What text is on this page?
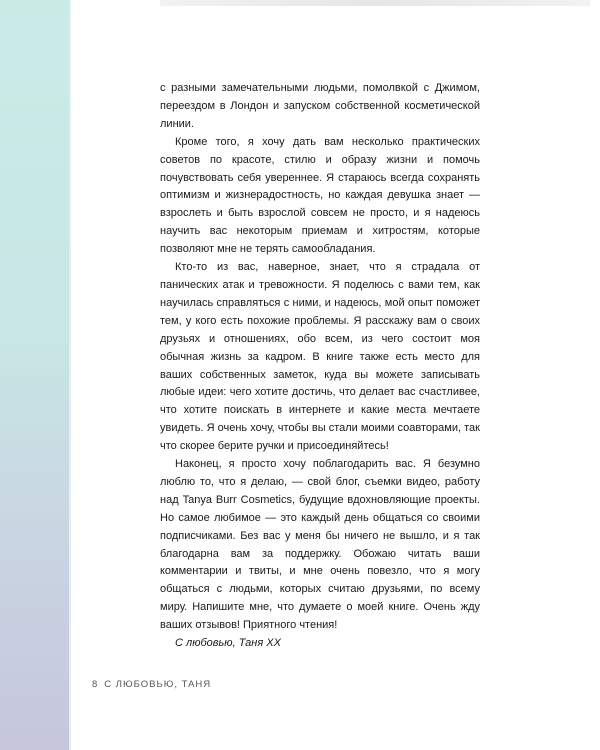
с разными замечательными людьми, помолвкой с Джимом, переездом в Лондон и запуском собственной косметической линии.

Кроме того, я хочу дать вам несколько практических советов по красоте, стилю и образу жизни и помочь почувствовать себя увереннее. Я стараюсь всегда сохранять оптимизм и жизнерадостность, но каждая девушка знает — взрослеть и быть взрослой совсем не просто, и я надеюсь научить вас некоторым приемам и хитростям, которые позволяют мне не терять самообладания.

Кто-то из вас, наверное, знает, что я страдала от панических атак и тревожности. Я поделюсь с вами тем, как научилась справляться с ними, и надеюсь, мой опыт поможет тем, у кого есть похожие проблемы. Я расскажу вам о своих друзьях и отношениях, обо всем, из чего состоит моя обычная жизнь за кадром. В книге также есть место для ваших собственных заметок, куда вы можете записывать любые идеи: чего хотите достичь, что делает вас счастливее, что хотите поискать в интернете и какие места мечтаете увидеть. Я очень хочу, чтобы вы стали моими соавторами, так что скорее берите ручки и присоединяйтесь!

Наконец, я просто хочу поблагодарить вас. Я безумно люблю то, что я делаю, — свой блог, съемки видео, работу над Tanya Burr Cosmetics, будущие вдохновляющие проекты. Но самое любимое — это каждый день общаться со своими подписчиками. Без вас у меня бы ничего не вышло, и я так благодарна вам за поддержку. Обожаю читать ваши комментарии и твиты, и мне очень повезло, что я могу общаться с людьми, которых считаю друзьями, по всему миру. Напишите мне, что думаете о моей книге. Очень жду ваших отзывов! Приятного чтения!

С любовью, Таня ХХ

8 С ЛЮБОВЬЮ, ТАНЯ
